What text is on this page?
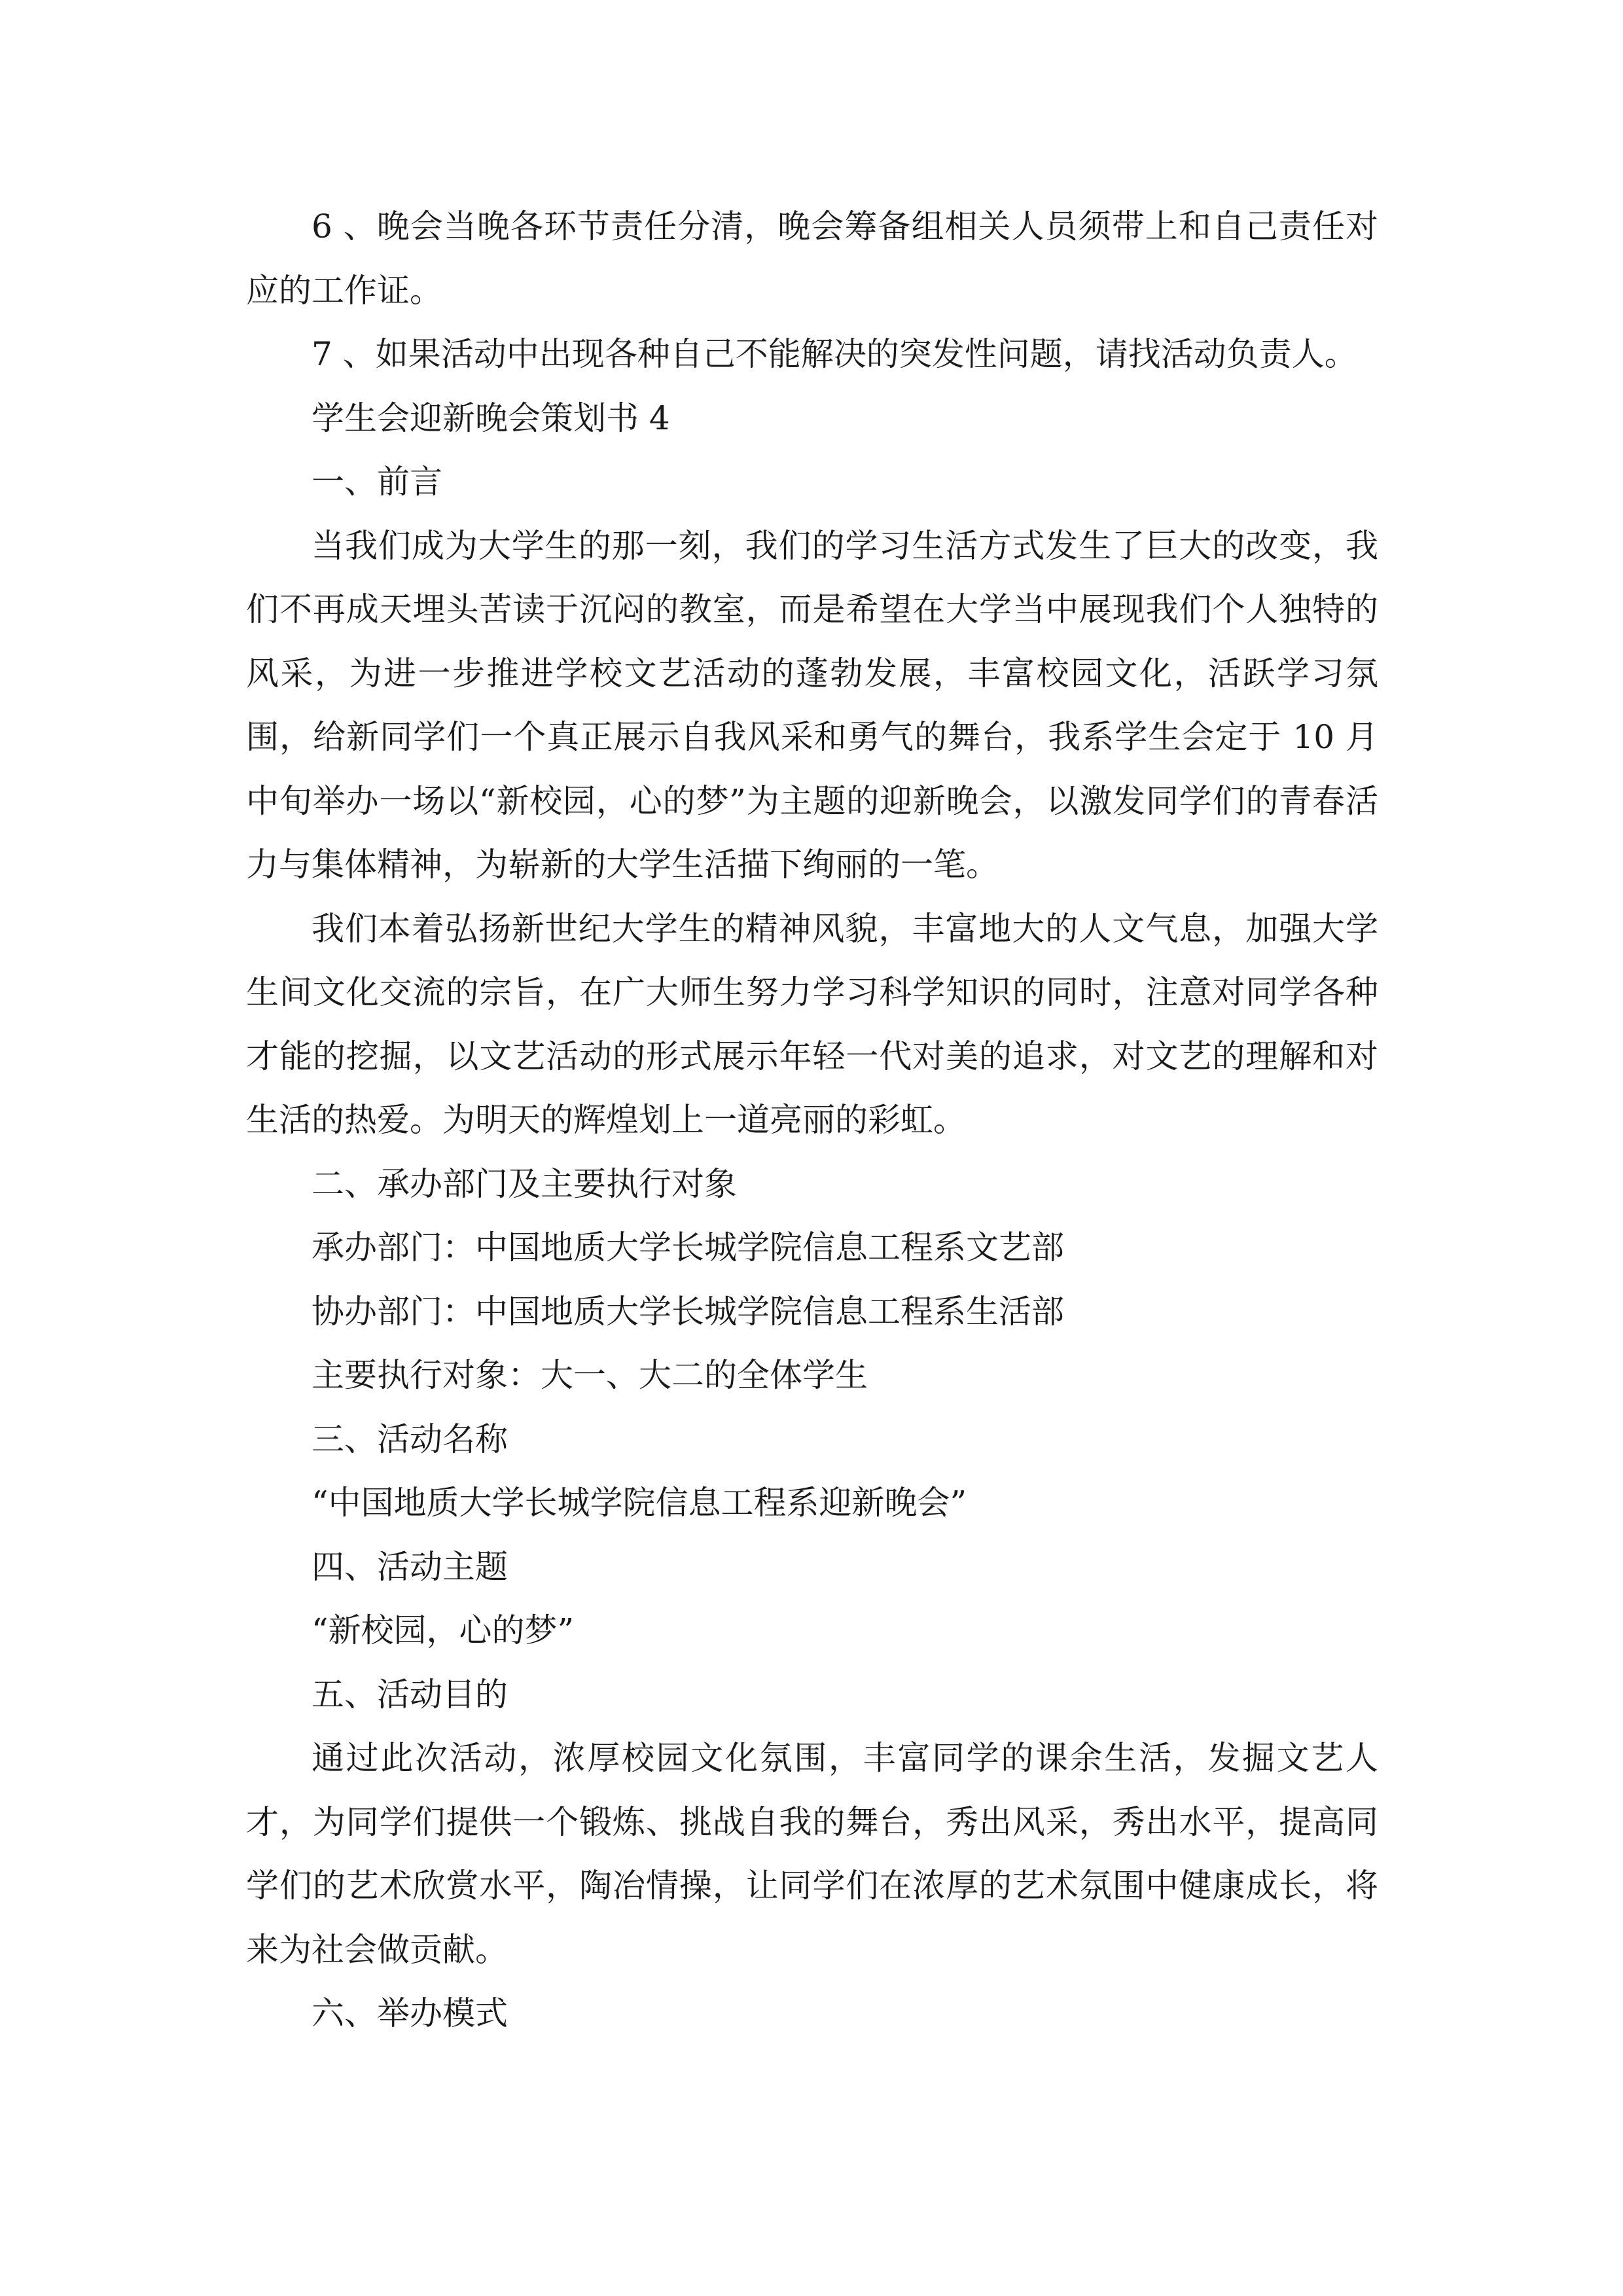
6 、晚会当晚各环节责任分清，晚会筹备组相关人员须带上和自己责任对应的工作证。

7 、如果活动中出现各种自己不能解决的突发性问题，请找活动负责人。

学生会迎新晚会策划书 4

一、前言

当我们成为大学生的那一刻，我们的学习生活方式发生了巨大的改变，我们不再成天埋头苦读于沉闷的教室，而是希望在大学当中展现我们个人独特的风采，为进一步推进学校文艺活动的蓬勃发展，丰富校园文化，活跃学习氛围，给新同学们一个真正展示自我风采和勇气的舞台，我系学生会定于 10 月中旬举办一场以“新校园，心的梦”为主题的迎新晚会，以激发同学们的青春活力与集体精神，为崭新的大学生活描下绚丽的一笔。

我们本着弘扬新世纪大学生的精神风貌，丰富地大的人文气息，加强大学生间文化交流的宗旨，在广大师生努力学习科学知识的同时，注意对同学各种才能的挖掘，以文艺活动的形式展示年轻一代对美的追求，对文艺的理解和对生活的热爱。为明天的辉煌划上一道亮丽的彩虹。

二、承办部门及主要执行对象

承办部门：中国地质大学长城学院信息工程系文艺部

协办部门：中国地质大学长城学院信息工程系生活部

主要执行对象：大一、大二的全体学生

三、活动名称

“中国地质大学长城学院信息工程系迎新晚会”

四、活动主题

“新校园，心的梦”

五、活动目的

通过此次活动，浓厚校园文化氛围，丰富同学的课余生活，发掘文艺人才，为同学们提供一个锻炼、挑战自我的舞台，秀出风采，秀出水平，提高同学们的艺术欣赏水平，陶冶情操，让同学们在浓厚的艺术氛围中健康成长，将来为社会做贡献。

六、举办模式
